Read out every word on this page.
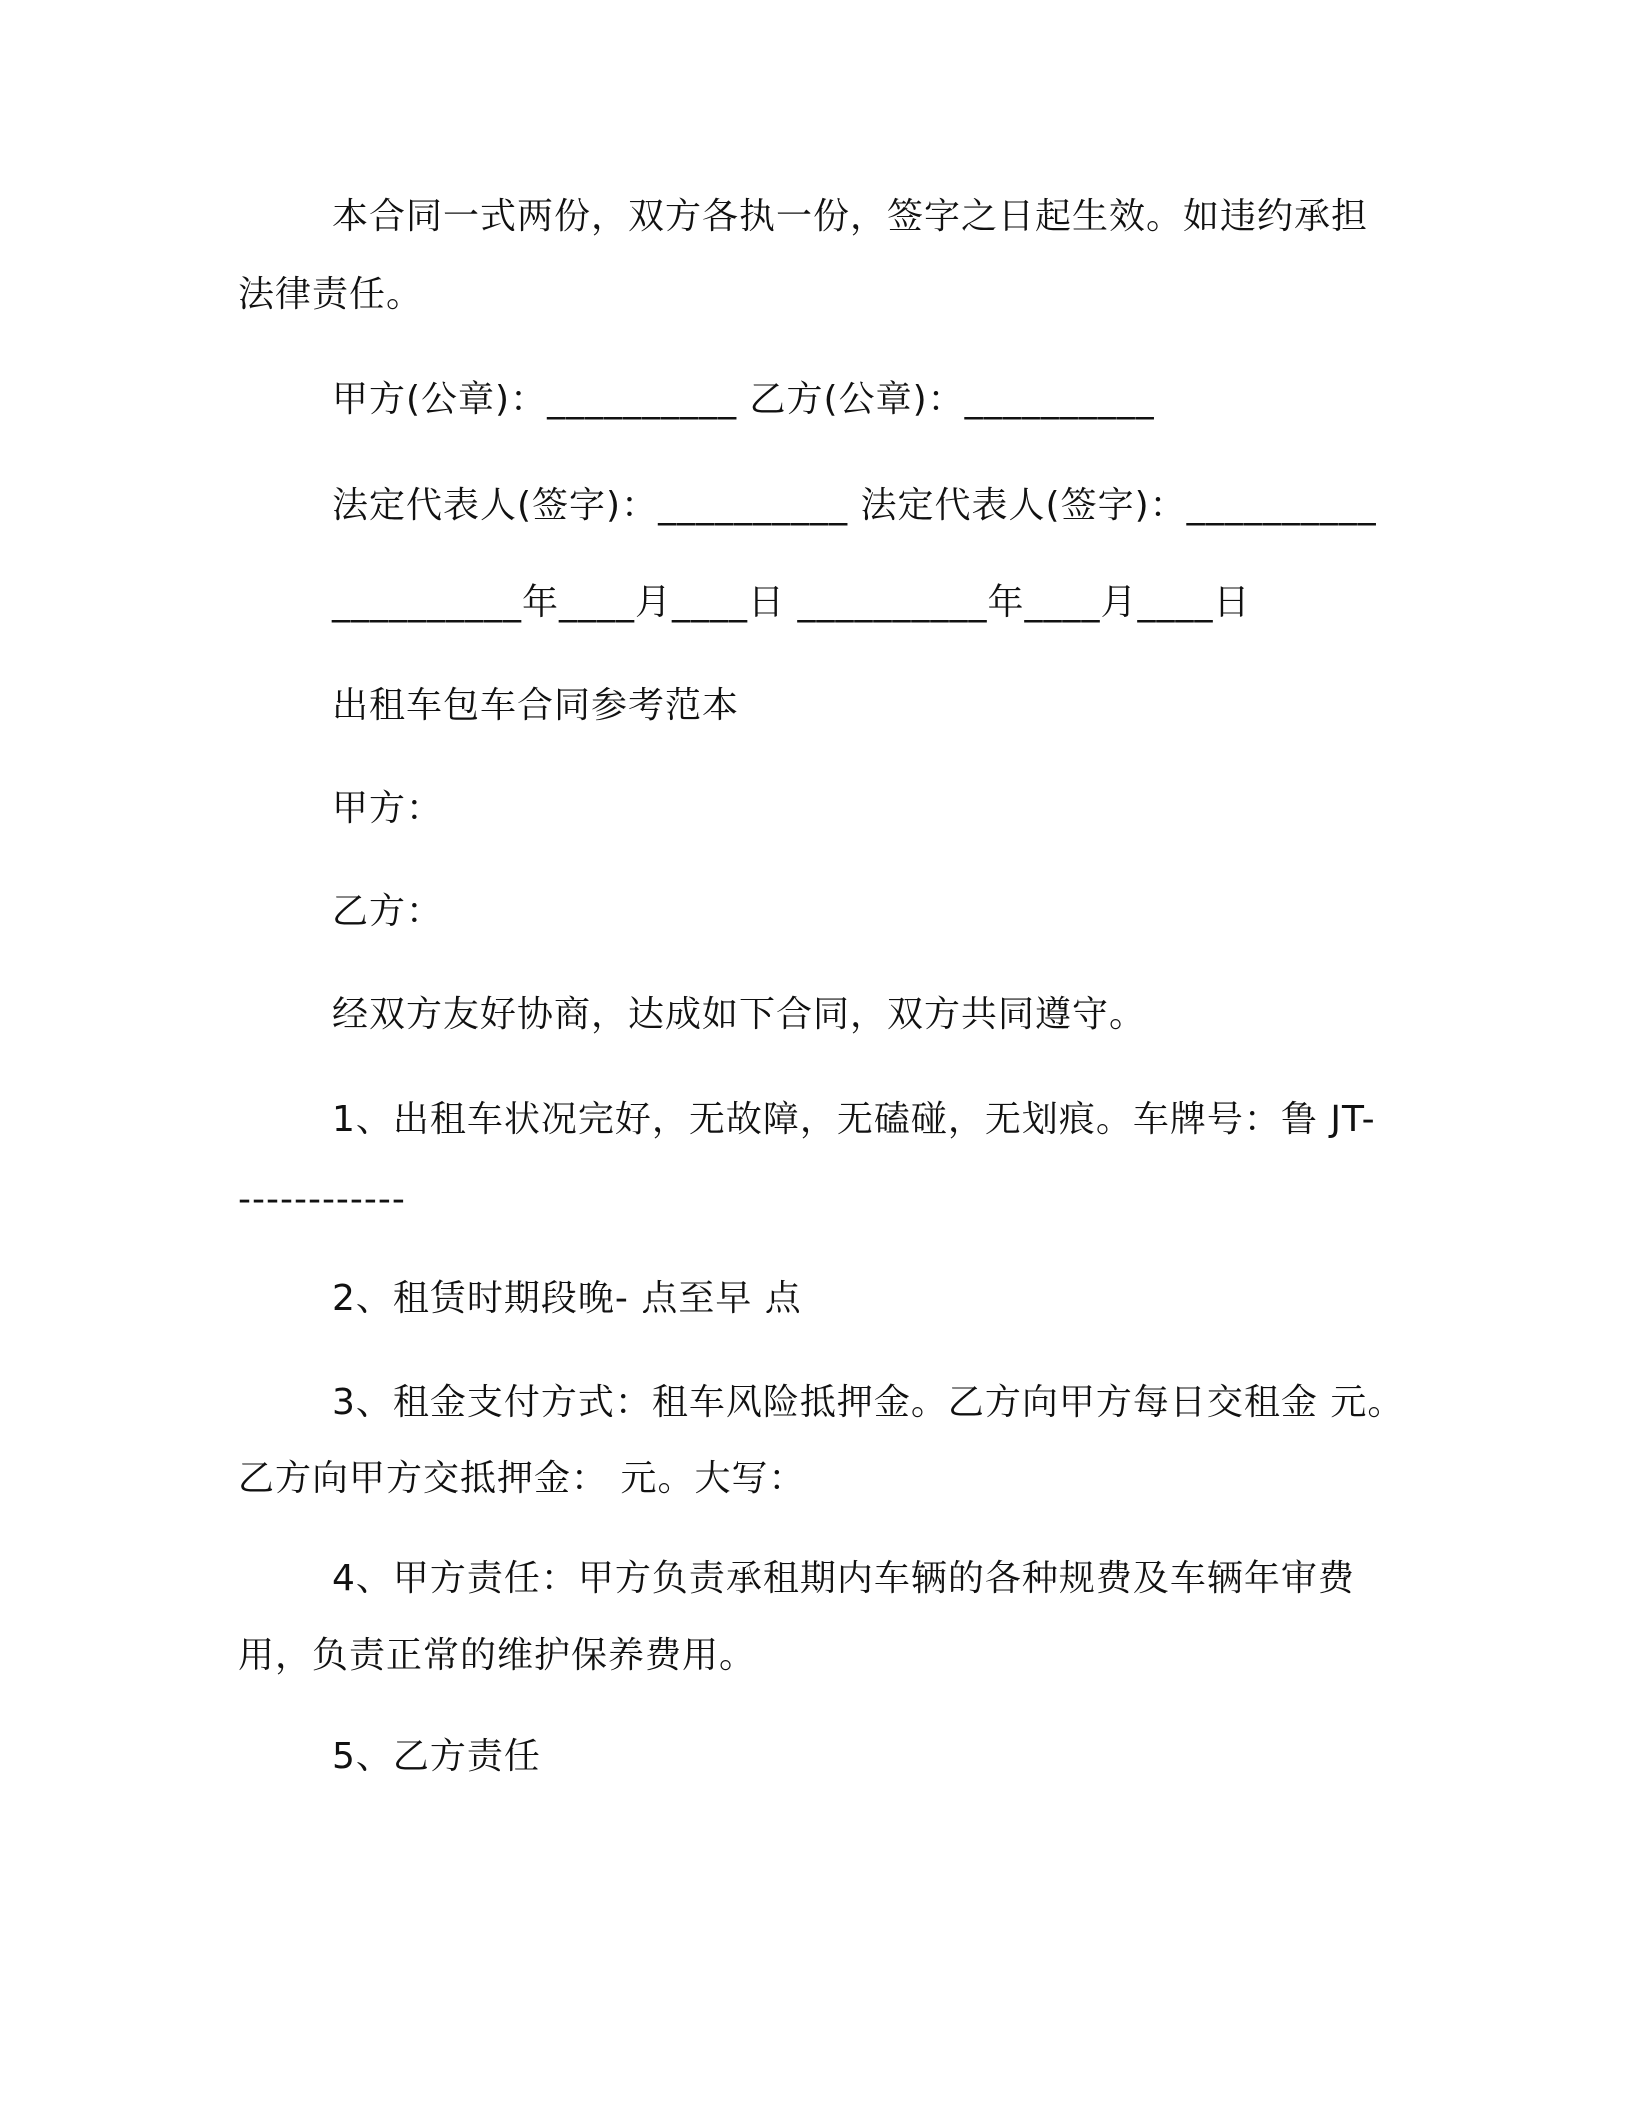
本合同一式两份，双方各执一份，签字之日起生效。如违约承担
法律责任。
甲方(公章)：__________ 乙方(公章)：__________
法定代表人(签字)：__________ 法定代表人(签字)：__________
__________年____月____日 __________年____月____日
出租车包车合同参考范本
甲方：
乙方：
经双方友好协商，达成如下合同，双方共同遵守。
1、出租车状况完好，无故障，无磕碰，无划痕。车牌号：鲁 JT-
------------
2、租赁时期段晚- 点至早 点
3、租金支付方式：租车风险抵押金。乙方向甲方每日交租金 元。
乙方向甲方交抵押金： 元。大写：
4、甲方责任：甲方负责承租期内车辆的各种规费及车辆年审费
用，负责正常的维护保养费用。
5、乙方责任
